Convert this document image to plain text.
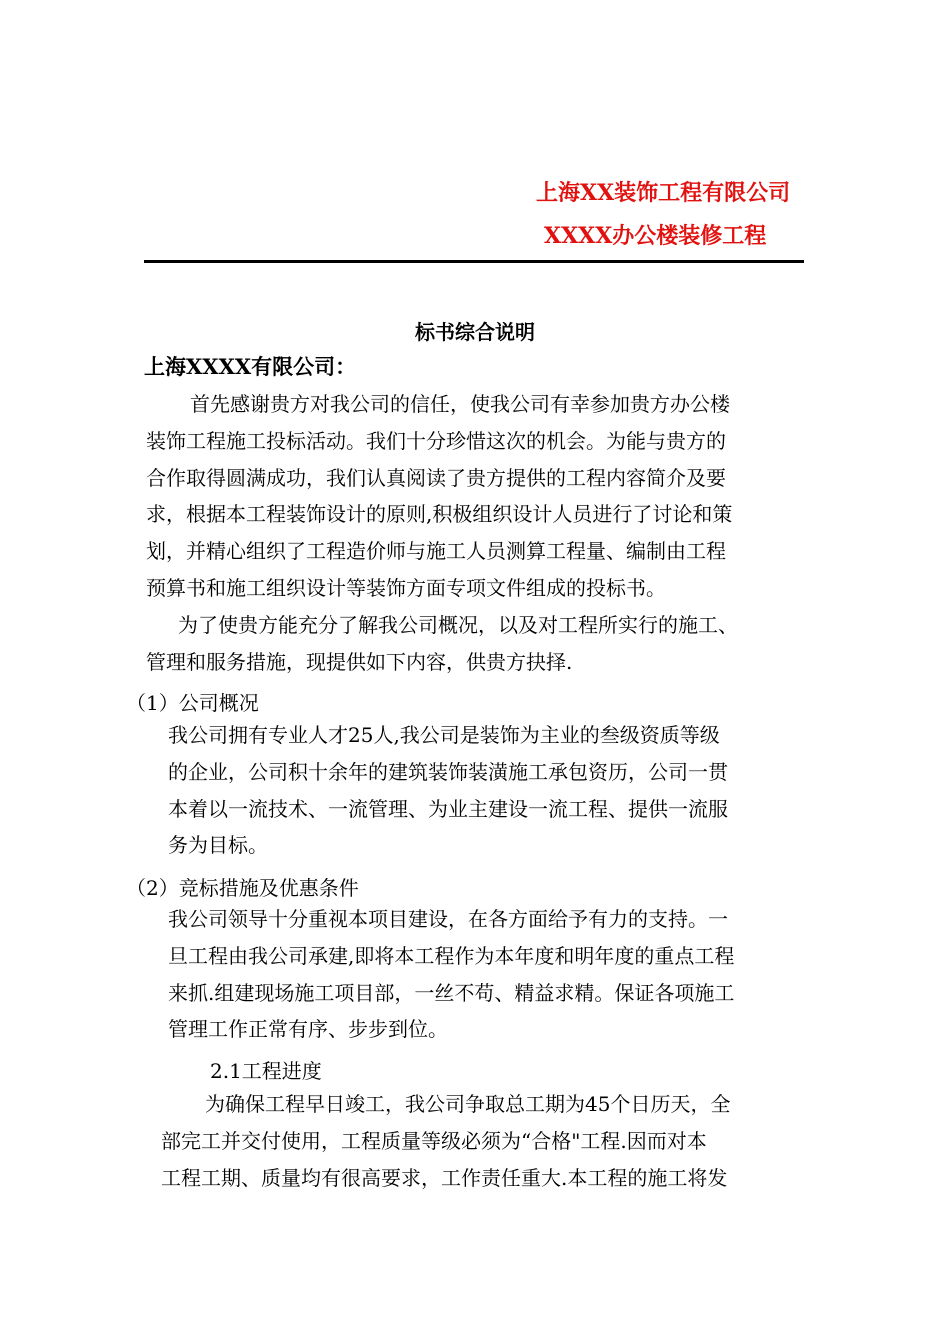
上海XX装饰工程有限公司
XXXX办公楼装修工程
标书综合说明
上海XXXX有限公司：
首先感谢贵方对我公司的信任，使我公司有幸参加贵方办公楼
装饰工程施工投标活动。我们十分珍惜这次的机会。为能与贵方的
合作取得圆满成功，我们认真阅读了贵方提供的工程内容简介及要
求，根据本工程装饰设计的原则,积极组织设计人员进行了讨论和策
划，并精心组织了工程造价师与施工人员测算工程量、编制由工程
预算书和施工组织设计等装饰方面专项文件组成的投标书。
为了使贵方能充分了解我公司概况，以及对工程所实行的施工、
管理和服务措施，现提供如下内容，供贵方抉择.
（1）公司概况
我公司拥有专业人才25人,我公司是装饰为主业的叁级资质等级
的企业，公司积十余年的建筑装饰装潢施工承包资历，公司一贯
本着以一流技术、一流管理、为业主建设一流工程、提供一流服
务为目标。
（2）竞标措施及优惠条件
我公司领导十分重视本项目建设，在各方面给予有力的支持。一
旦工程由我公司承建,即将本工程作为本年度和明年度的重点工程
来抓.组建现场施工项目部，一丝不苟、精益求精。保证各项施工
管理工作正常有序、步步到位。
2.1工程进度
为确保工程早日竣工，我公司争取总工期为45个日历天，全
部完工并交付使用，工程质量等级必须为“合格"工程.因而对本
工程工期、质量均有很高要求，工作责任重大.本工程的施工将发
